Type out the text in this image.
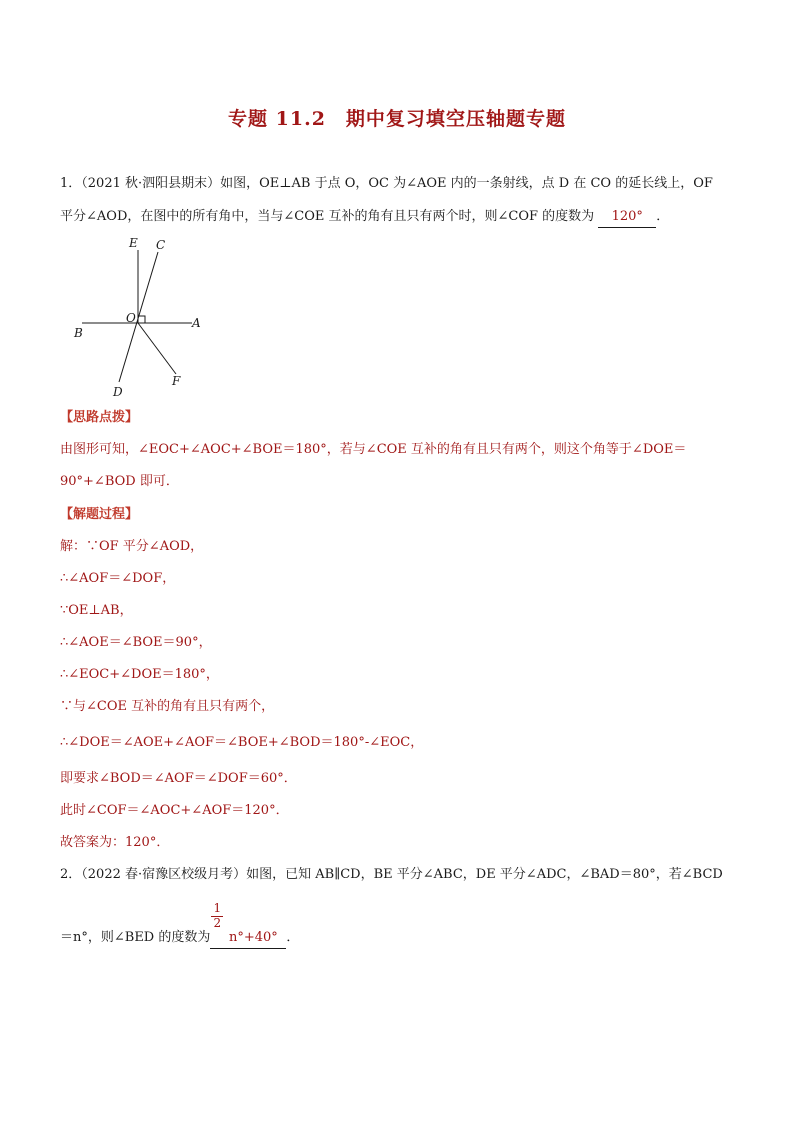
专题 11.2　期中复习填空压轴题专题
1．（2021 秋·泗阳县期末）如图，OE⊥AB 于点 O，OC 为∠AOE 内的一条射线，点 D 在 CO 的延长线上，OF
平分∠AOD，在图中的所有角中，当与∠COE 互补的角有且只有两个时，则∠COF 的度数为 120° ．
E C
O	A
B
D
F
【思路点拨】
由图形可知，∠EOC+∠AOC+∠BOE＝180°，若与∠COE 互补的角有且只有两个，则这个角等于∠DOE＝
90°+∠BOD 即可．
【解题过程】
解：∵OF 平分∠AOD，
∴∠AOF＝∠DOF，
∵OE⊥AB，
∴∠AOE＝∠BOE＝90°，
∴∠EOC+∠DOE＝180°，
∵与∠COE 互补的角有且只有两个，
∴∠DOE＝∠AOE+∠AOF＝∠BOE+∠BOD＝180°-∠EOC，
即要求∠BOD＝∠AOF＝∠DOF＝60°．
此时∠COF＝∠AOC+∠AOF＝120°．
故答案为：120°．
2．（2022 春·宿豫区校级月考）如图，已知 AB∥CD，BE 平分∠ABC，DE 平分∠ADC，∠BAD＝80°，若∠BCD
＝n°，则∠BED 的度数为
1
2
n°+40° ．
